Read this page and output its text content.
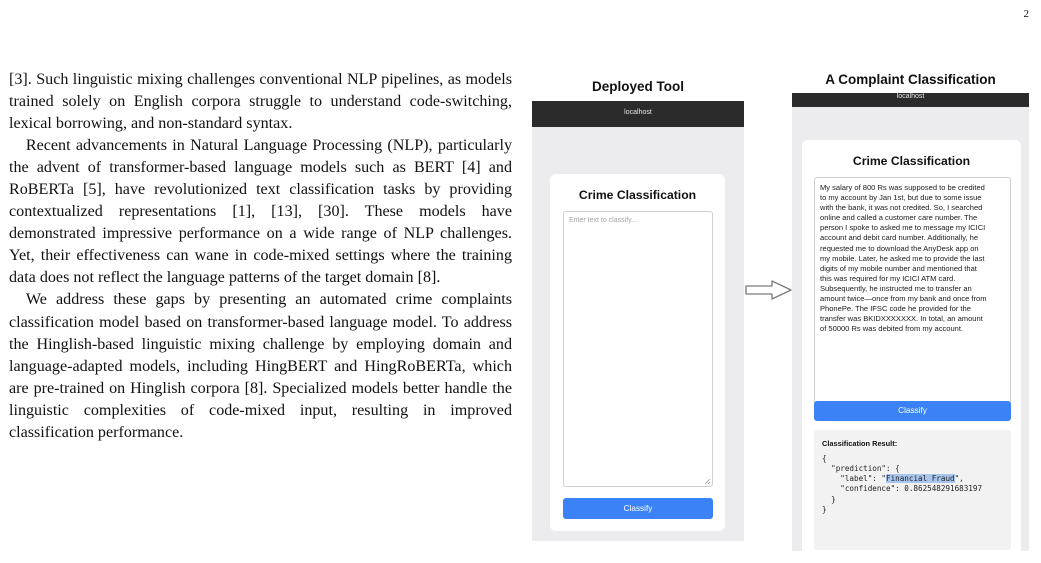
2

[3]. Such linguistic mixing challenges conventional NLP pipelines, as models trained solely on English corpora struggle to understand code-switching, lexical borrowing, and non-standard syntax.

Recent advancements in Natural Language Processing (NLP), particularly the advent of transformer-based language models such as BERT [4] and RoBERTa [5], have revolutionized text classification tasks by providing contextualized representations [1], [13], [30]. These models have demonstrated impressive performance on a wide range of NLP challenges. Yet, their effectiveness can wane in code-mixed settings where the training data does not reflect the language patterns of the target domain [8].

We address these gaps by presenting an automated crime complaints classification model based on transformer-based language model. To address the Hinglish-based linguistic mixing challenge by employing domain and language-adapted models, including HingBERT and HingRoBERTa, which are pre-trained on Hinglish corpora [8]. Specialized models better handle the linguistic complexities of code-mixed input, resulting in improved classification performance.

Deployed Tool
localhost
Crime Classification
Enter text to classify...
Classify
A Complaint Classification
localhost
Crime Classification
My salary of 800 Rs was supposed to be credited
to my account by Jan 1st, but due to some issue
with the bank, it was not credited. So, I searched
online and called a customer care number. The
person I spoke to asked me to message my ICICI
account and debit card number. Additionally, he
requested me to download the AnyDesk app on
my mobile. Later, he asked me to provide the last
digits of my mobile number and mentioned that
this was required for my ICICI ATM card.
Subsequently, he instructed me to transfer an
amount twice—once from my bank and once from
PhonePe. The IFSC code he provided for the
transfer was BKIDXXXXXXX. In total, an amount
of 50000 Rs was debited from my account.
Classify
Classification Result:
{
"prediction": {
"label": "Financial Fraud",
"confidence": 0.862548291683197
}
}
